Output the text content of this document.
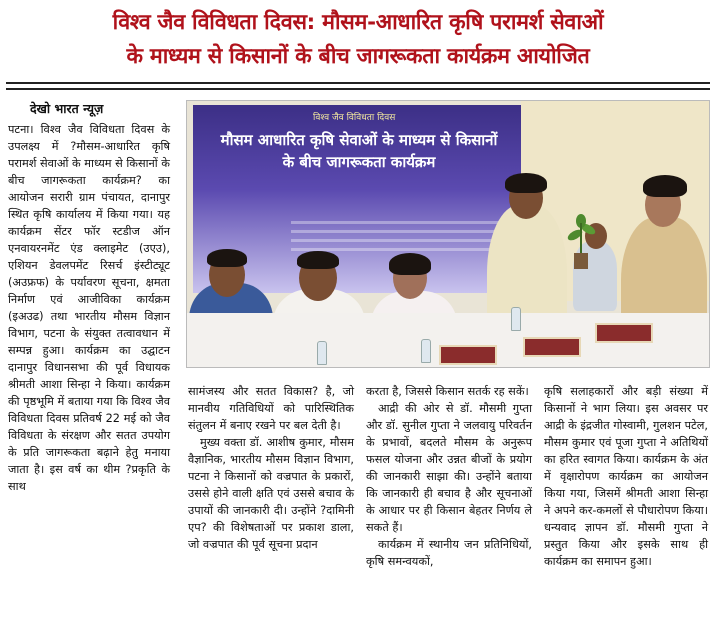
विश्व जैव विविधता दिवस: मौसम-आधारित कृषि परामर्श सेवाओं
के माध्यम से किसानों के बीच जागरूकता कार्यक्रम आयोजित
देखो भारत न्यूज़

पटना। विश्व जैव विविधता दिवस के उपलक्ष्य में ?मौसम-आधारित कृषि परामर्श सेवाओं के माध्यम से किसानों के बीच जागरूकता कार्यक्रम? का आयोजन सरारी ग्राम पंचायत, दानापुर स्थित कृषि कार्यालय में किया गया। यह कार्यक्रम सेंटर फॉर स्टडीज ऑन एनवायरनमेंट एंड क्लाइमेट (उएउ), एशियन डेवलपमेंट रिसर्च इंस्टीट्यूट (अउफ्रफ) के पर्यावरण सूचना, क्षमता निर्माण एवं आजीविका कार्यक्रम (इअउढ) तथा भारतीय मौसम विज्ञान विभाग, पटना के संयुक्त तत्वावधान में सम्पन्न हुआ। कार्यक्रम का उद्घाटन दानापुर विधानसभा की पूर्व विधायक श्रीमती आशा सिन्हा ने किया। कार्यक्रम की पृष्ठभूमि में बताया गया कि विश्व जैव विविधता दिवस प्रतिवर्ष 22 मई को जैव विविधता के संरक्षण और सतत उपयोग के प्रति जागरूकता बढ़ाने हेतु मनाया जाता है। इस वर्ष का थीम ?प्रकृति के साथ

विश्व जैव विविधता दिवस
मौसम आधारित कृषि सेवाओं के माध्यम से किसानों
के बीच जागरूकता कार्यक्रम

सामंजस्य और सतत विकास? है, जो मानवीय गतिविधियों को पारिस्थितिक संतुलन में बनाए रखने पर बल देती है।

मुख्य वक्ता डॉ. आशीष कुमार, मौसम वैज्ञानिक, भारतीय मौसम विज्ञान विभाग, पटना ने किसानों को वज्रपात के प्रकारों, उससे होने वाली क्षति एवं उससे बचाव के उपायों की जानकारी दी। उन्होंने ?दामिनी एप? की विशेषताओं पर प्रकाश डाला, जो वज्रपात की पूर्व सूचना प्रदान

करता है, जिससे किसान सतर्क रह सकें।

आद्री की ओर से डॉ. मौसमी गुप्ता और डॉ. सुनील गुप्ता ने जलवायु परिवर्तन के प्रभावों, बदलते मौसम के अनुरूप फसल योजना और उन्नत बीजों के प्रयोग की जानकारी साझा की। उन्होंने बताया कि जानकारी ही बचाव है और सूचनाओं के आधार पर ही किसान बेहतर निर्णय ले सकते हैं।

कार्यक्रम में स्थानीय जन प्रतिनिधियों, कृषि समन्वयकों,

कृषि सलाहकारों और बड़ी संख्या में किसानों ने भाग लिया। इस अवसर पर आद्री के इंद्रजीत गोस्वामी, गुलशन पटेल, मौसम कुमार एवं पूजा गुप्ता ने अतिथियों का हरित स्वागत किया। कार्यक्रम के अंत में वृक्षारोपण कार्यक्रम का आयोजन किया गया, जिसमें श्रीमती आशा सिन्हा ने अपने कर-कमलों से पौधारोपण किया। धन्यवाद ज्ञापन डॉ. मौसमी गुप्ता ने प्रस्तुत किया और इसके साथ ही कार्यक्रम का समापन हुआ।
